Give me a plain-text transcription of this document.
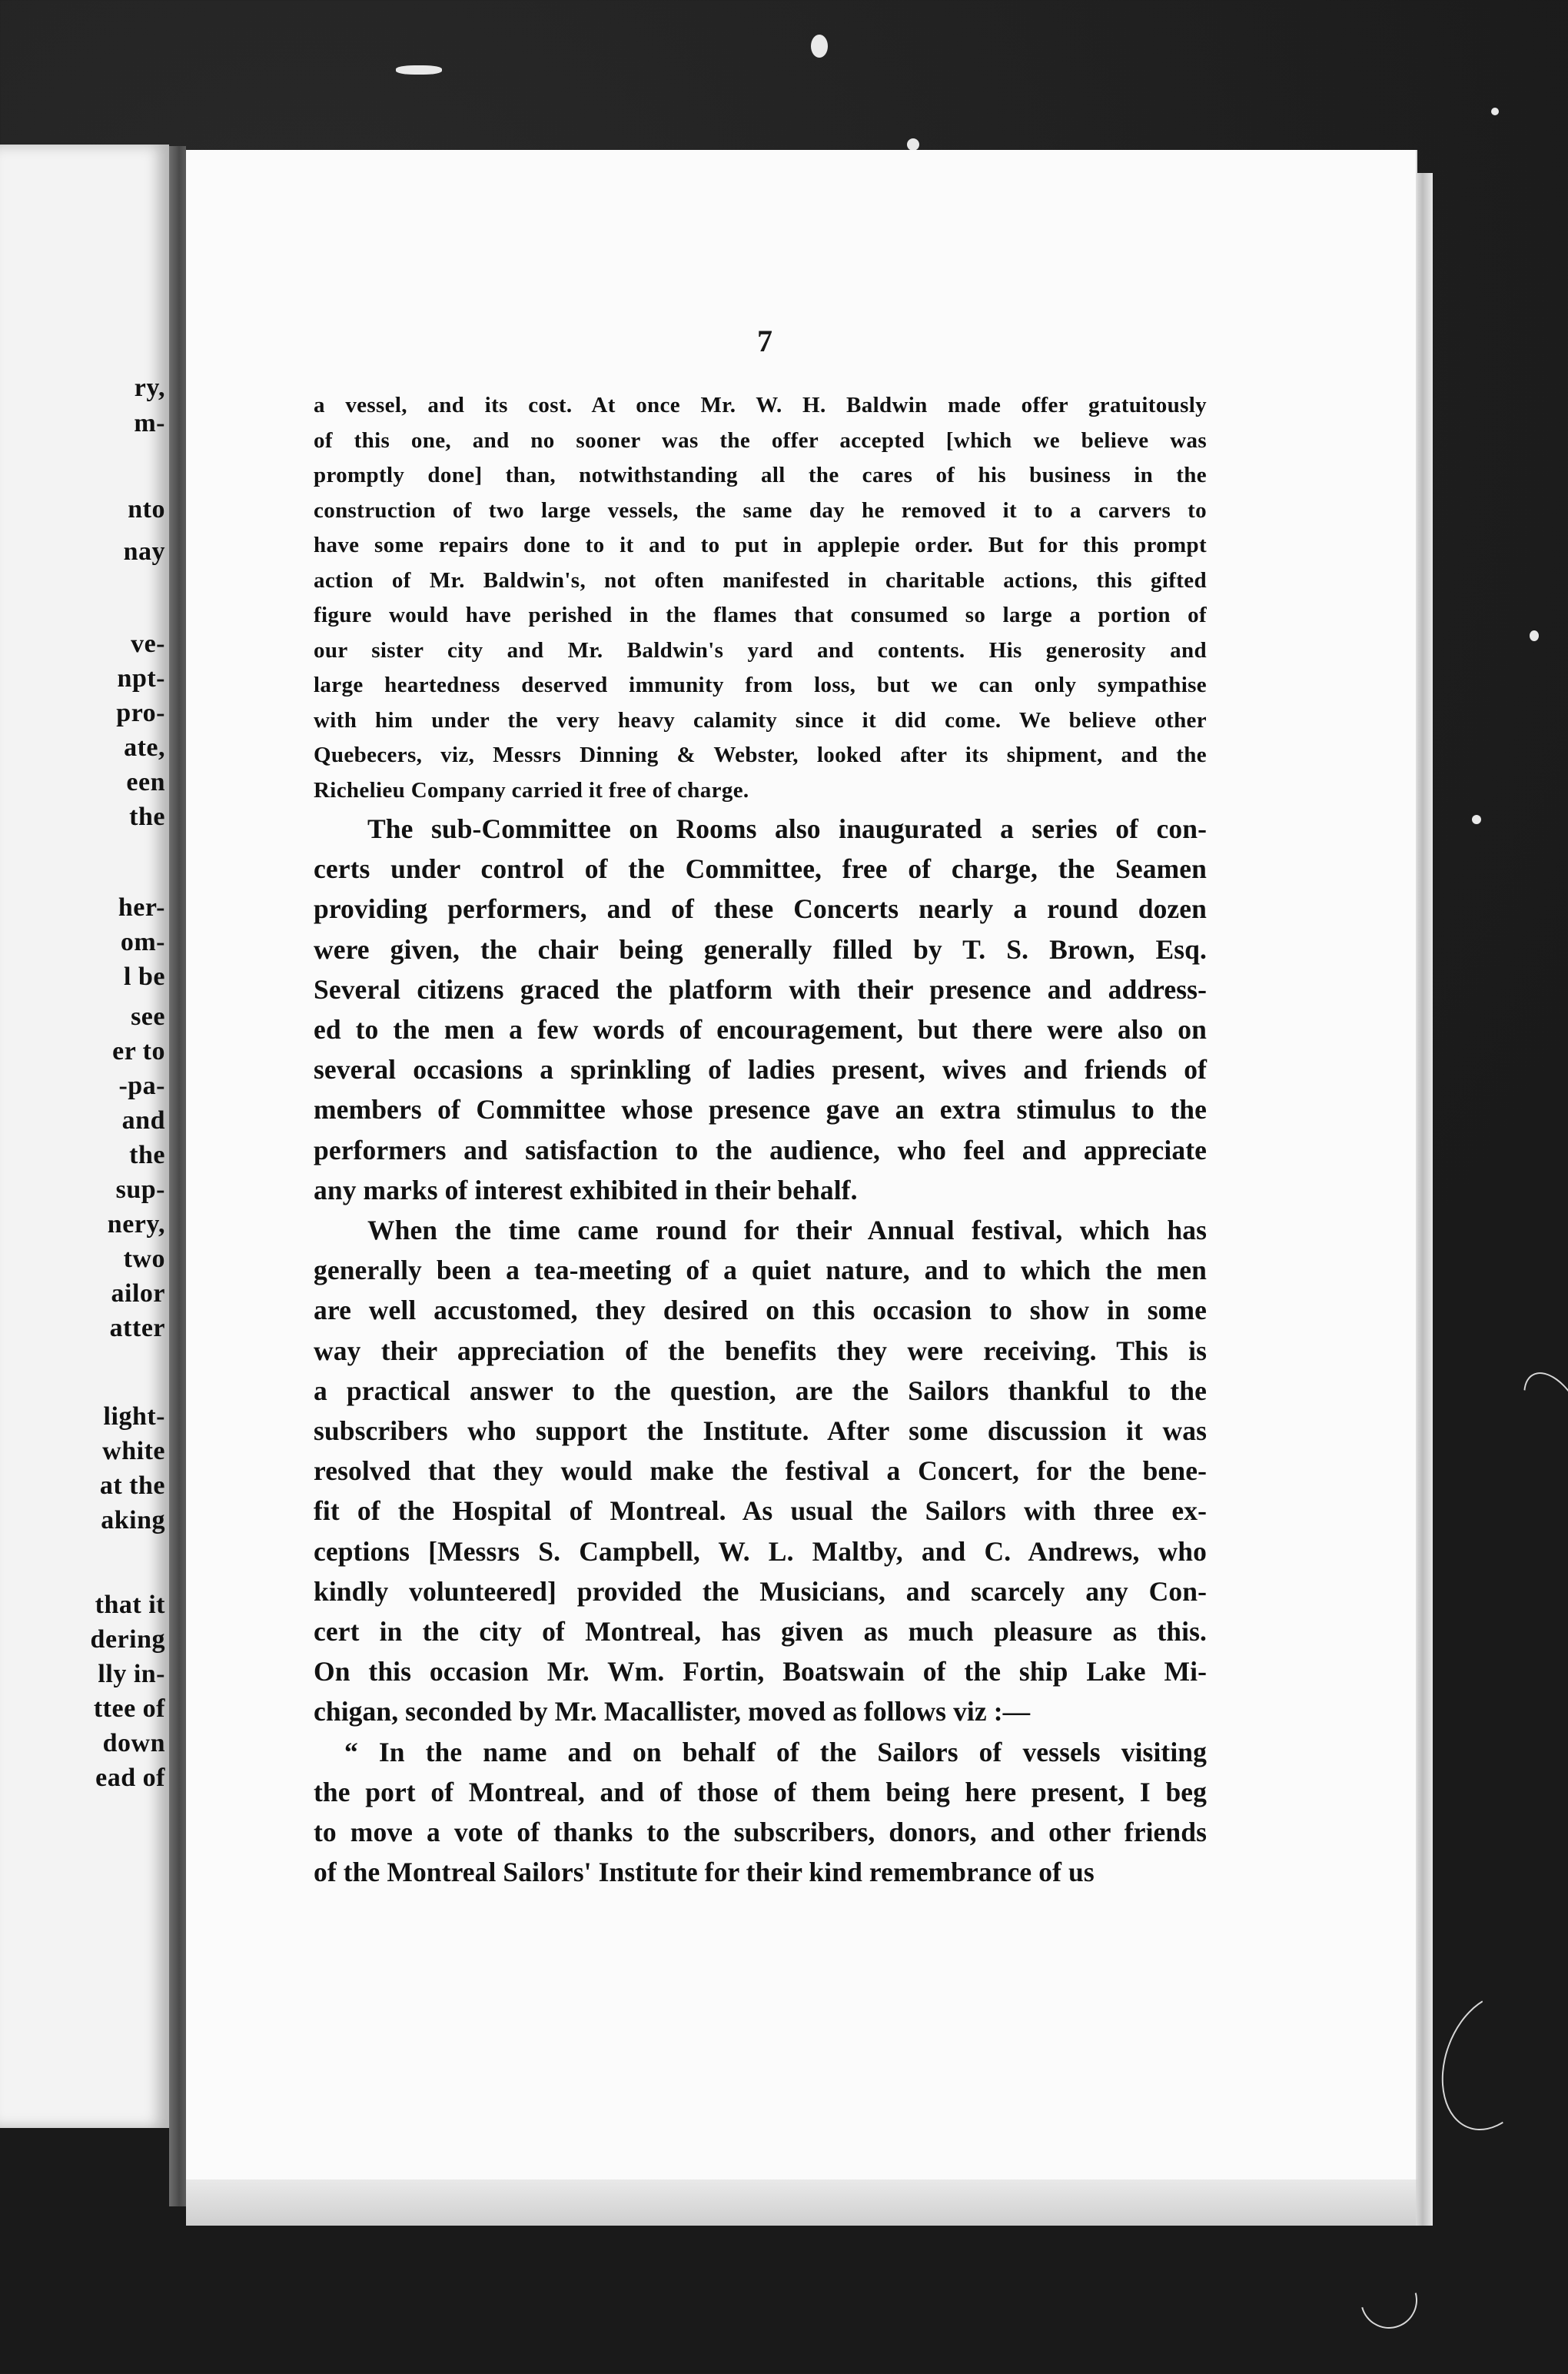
ry,
m-
nto
nay
ve-
npt-
pro-
ate,
een
the
her-
om-
l be
see
er to
-pa-
and
the
sup-
nery,
two
ailor
atter
light-
white
at the
aking
that it
dering
lly in-
ttee of
down
ead of
7
a vessel, and its cost. At once Mr. W. H. Baldwin made offer gratuitously
of this one, and no sooner was the offer accepted [which we believe was
promptly done] than, notwithstanding all the cares of his business in the
construction of two large vessels, the same day he removed it to a carvers to
have some repairs done to it and to put in applepie order. But for this prompt
action of Mr. Baldwin's, not often manifested in charitable actions, this gifted
figure would have perished in the flames that consumed so large a portion of
our sister city and Mr. Baldwin's yard and contents. His generosity and
large heartedness deserved immunity from loss, but we can only sympathise
with him under the very heavy calamity since it did come. We believe other
Quebecers, viz, Messrs Dinning & Webster, looked after its shipment, and the
Richelieu Company carried it free of charge.
The sub-Committee on Rooms also inaugurated a series of con-
certs under control of the Committee, free of charge, the Seamen
providing performers, and of these Concerts nearly a round dozen
were given, the chair being generally filled by T. S. Brown, Esq.
Several citizens graced the platform with their presence and address-
ed to the men a few words of encouragement, but there were also on
several occasions a sprinkling of ladies present, wives and friends of
members of Committee whose presence gave an extra stimulus to the
performers and satisfaction to the audience, who feel and appreciate
any marks of interest exhibited in their behalf.
When the time came round for their Annual festival, which has
generally been a tea-meeting of a quiet nature, and to which the men
are well accustomed, they desired on this occasion to show in some
way their appreciation of the benefits they were receiving. This is
a practical answer to the question, are the Sailors thankful to the
subscribers who support the Institute. After some discussion it was
resolved that they would make the festival a Concert, for the bene-
fit of the Hospital of Montreal. As usual the Sailors with three ex-
ceptions [Messrs S. Campbell, W. L. Maltby, and C. Andrews, who
kindly volunteered] provided the Musicians, and scarcely any Con-
cert in the city of Montreal, has given as much pleasure as this.
On this occasion Mr. Wm. Fortin, Boatswain of the ship Lake Mi-
chigan, seconded by Mr. Macallister, moved as follows viz :—
“ In the name and on behalf of the Sailors of vessels visiting
the port of Montreal, and of those of them being here present, I beg
to move a vote of thanks to the subscribers, donors, and other friends
of the Montreal Sailors' Institute for their kind remembrance of us
